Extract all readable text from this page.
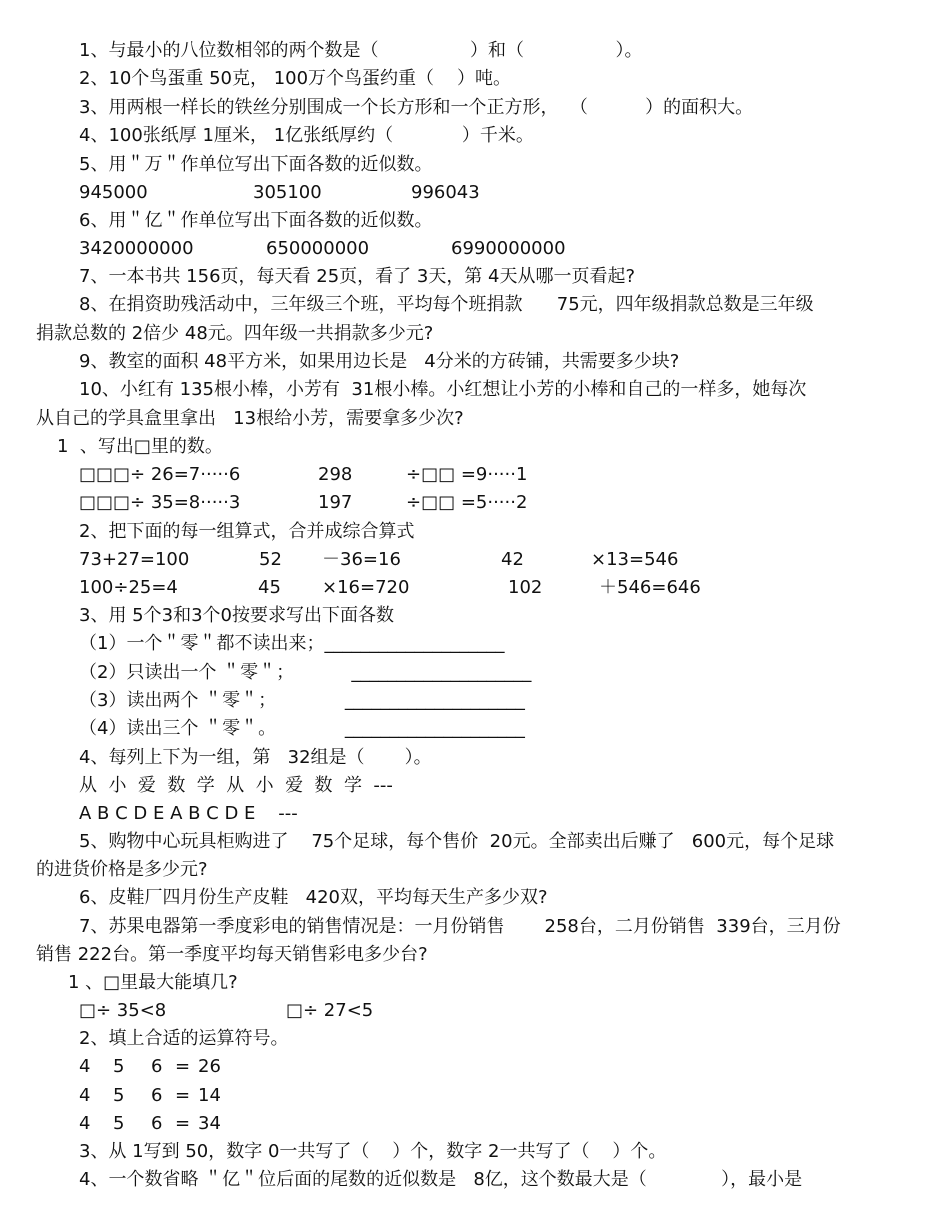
1、与最小的八位数相邻的两个数是（                ）和（                ）。
2、10个鸟蛋重 50克， 100万个鸟蛋约重（    ）吨。
3、用两根一样长的铁丝分别围成一个长方形和一个正方形，  （          ）的面积大。
4、100张纸厚 1厘米， 1亿张纸厚约（            ）千米。
5、用＂万＂作单位写出下面各数的近似数。
945000	305100	996043
6、用＂亿＂作单位写出下面各数的近似数。
3420000000	650000000	6990000000
7、一本书共 156页，每天看 25页，看了 3天，第 4天从哪一页看起?
8、在捐资助残活动中，三年级三个班，平均每个班捐款      75元，四年级捐款总数是三年级
捐款总数的 2倍少 48元。四年级一共捐款多少元?
9、教室的面积 48平方米，如果用边长是   4分米的方砖铺，共需要多少块?
10、小红有 135根小棒，小芳有  31根小棒。小红想让小芳的小棒和自己的一样多，她每次
从自己的学具盒里拿出   13根给小芳，需要拿多少次?
1  、写出□里的数。
□□□÷ 26=7·····6	298	÷□□ =9·····1
□□□÷ 35=8·····3	197	÷□□ =5·····2
2、把下面的每一组算式，合并成综合算式
73+27=100	52 －36=16	42	×13=546
100÷25=4	45 ×16=720	102	＋546=646
3、用 5个3和3个0按要求写出下面各数
（1）一个＂零＂都不读出来；____________________
（2）只读出一个 ＂零＂；          ____________________
（3）读出两个 ＂零＂；            ____________________
（4）读出三个 ＂零＂。            ____________________
4、每列上下为一组，第   32组是（       ）。
从  小  爱  数  学  从  小  爱  数  学  ---
A B C D E A B C D E    ---
5、购物中心玩具柜购进了    75个足球，每个售价  20元。全部卖出后赚了   600元，每个足球
的进货价格是多少元?
6、皮鞋厂四月份生产皮鞋   420双，平均每天生产多少双?
7、苏果电器第一季度彩电的销售情况是：一月份销售       258台，二月份销售  339台，三月份
销售 222台。第一季度平均每天销售彩电多少台?
1 、□里最大能填几?
□÷ 35<8	□÷ 27<5
2、填上合适的运算符号。
4 5 6 = 26
4 5 6 = 14
4 5 6 = 34
3、从 1写到 50，数字 0一共写了（    ）个，数字 2一共写了（    ）个。
4、一个数省略 ＂亿＂位后面的尾数的近似数是   8亿，这个数最大是（             ），最小是
